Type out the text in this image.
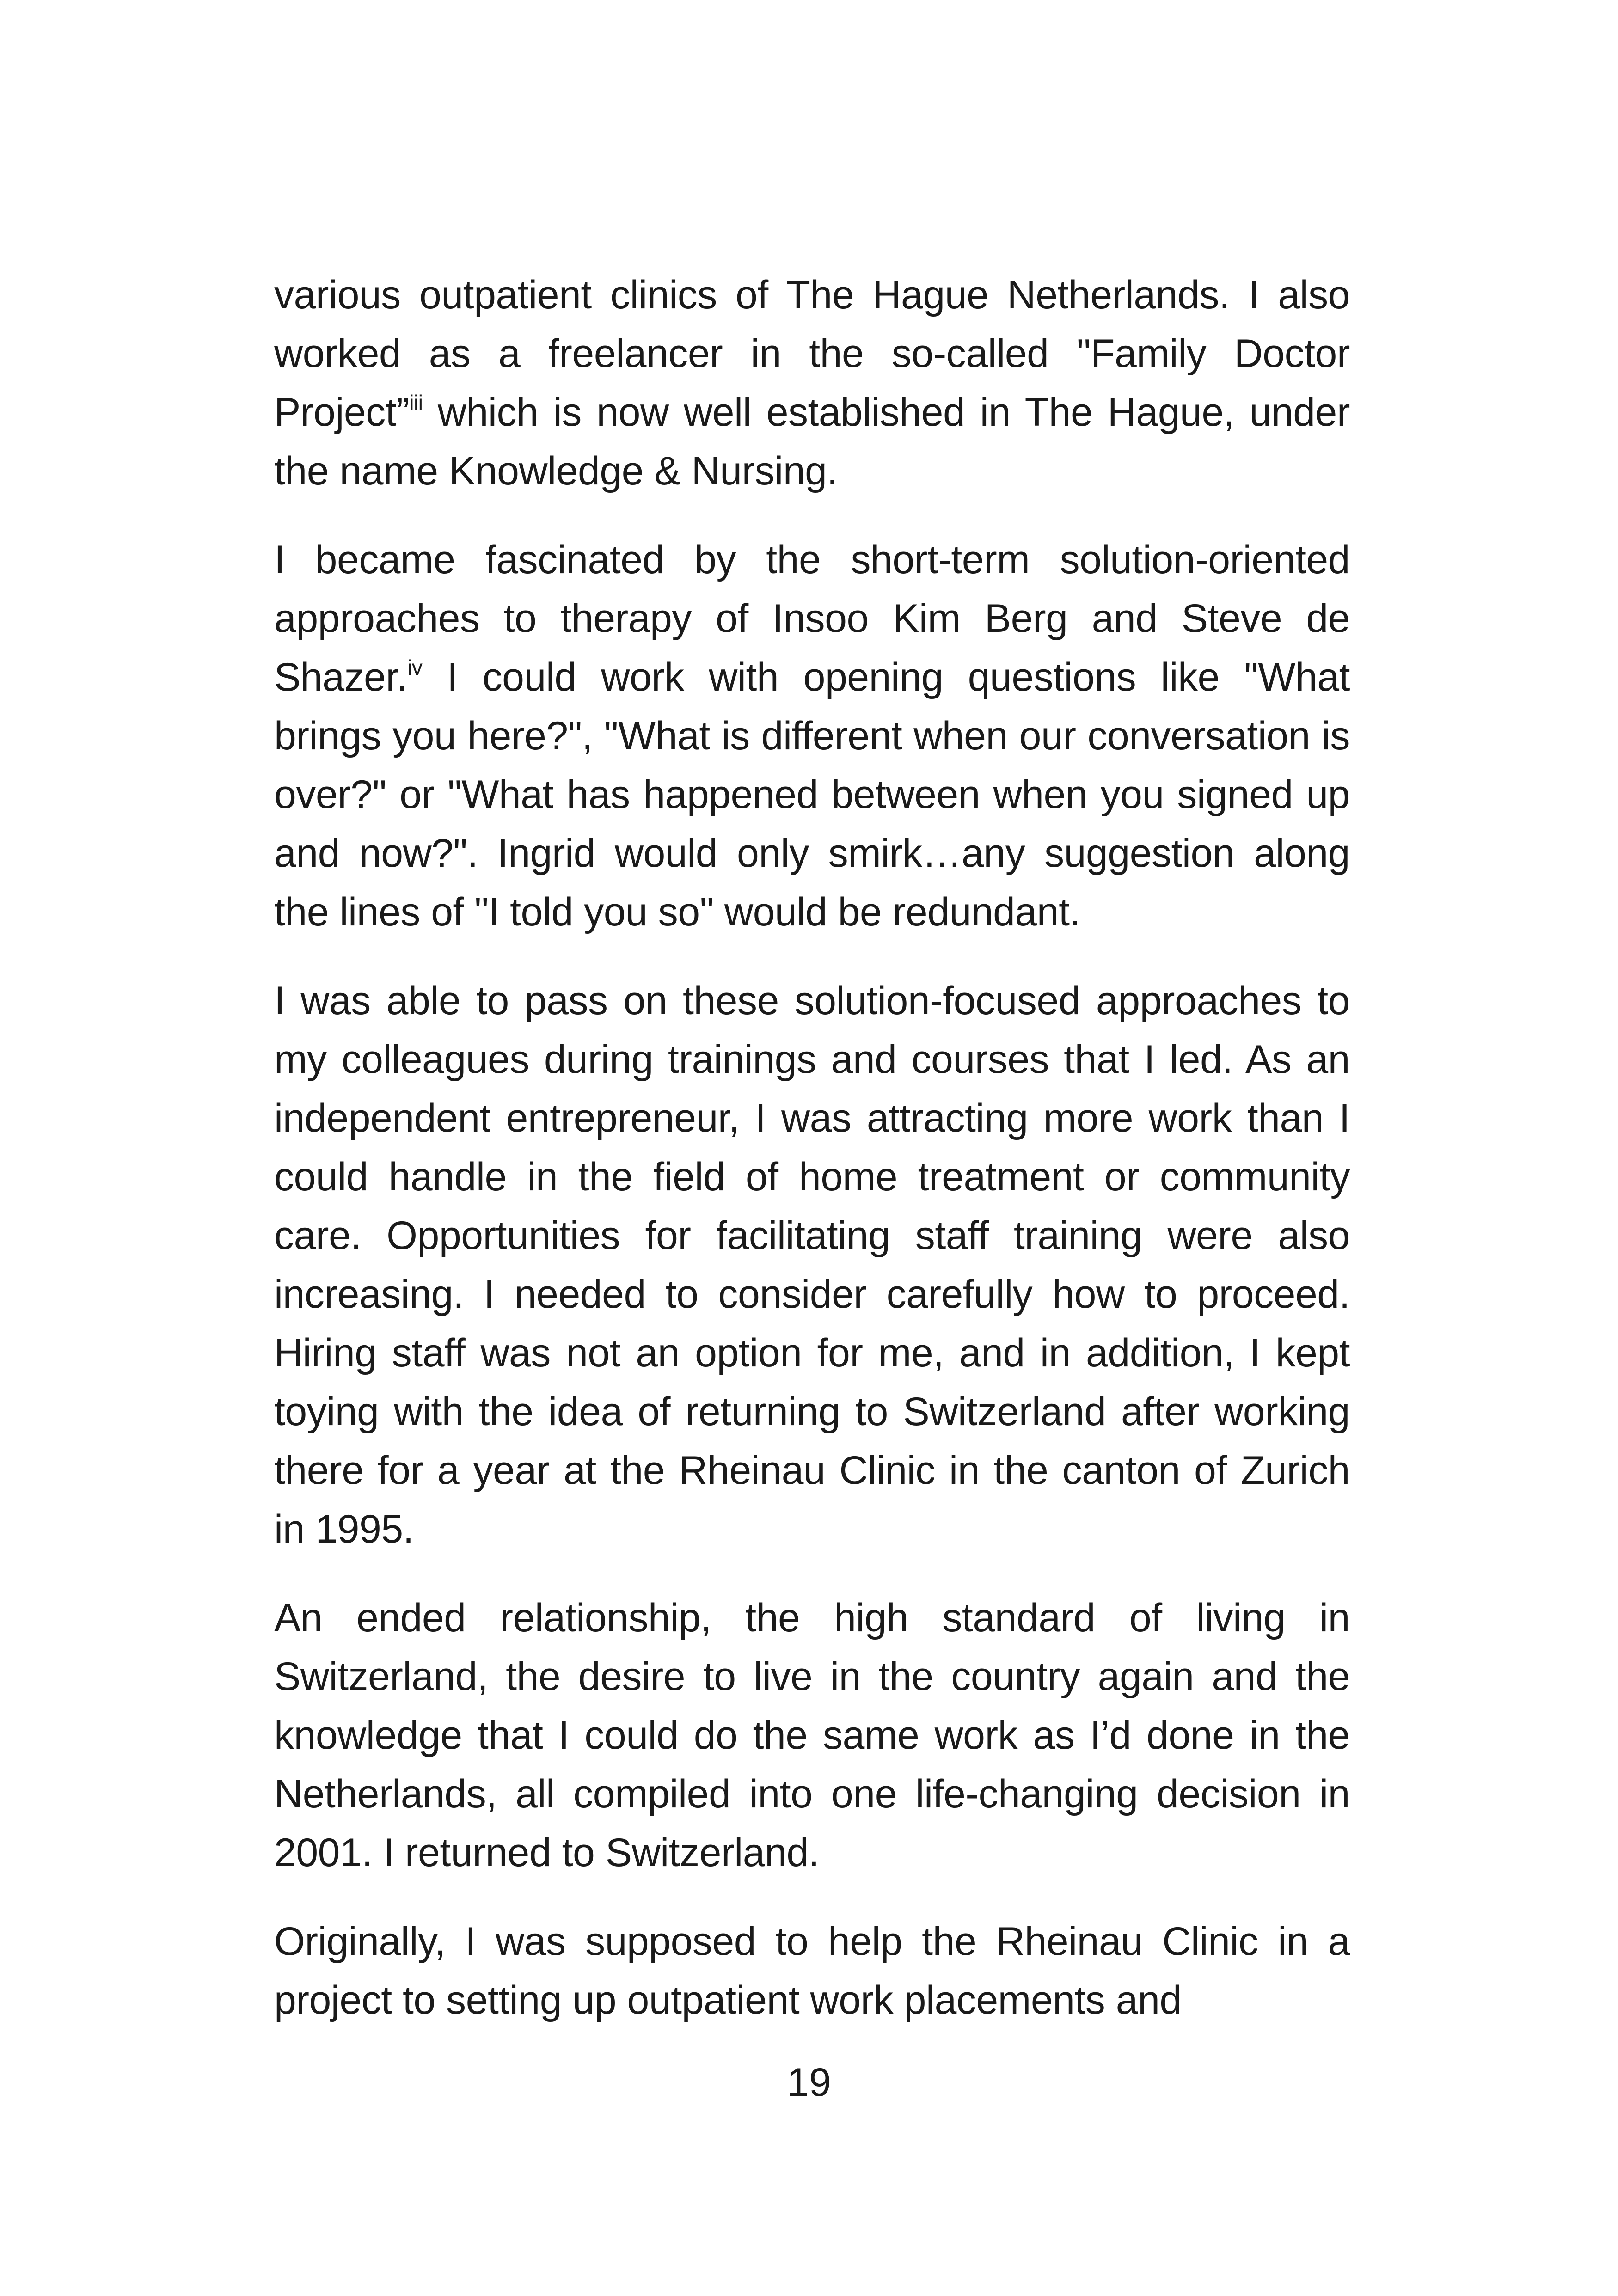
various outpatient clinics of The Hague Netherlands. I also worked as a freelancer in the so-called "Family Doctor Project”$^{iii}$ which is now well established in The Hague, under the name Knowledge & Nursing.

I became fascinated by the short-term solution-oriented approaches to therapy of Insoo Kim Berg and Steve de Shazer.$^{iv}$ I could work with opening questions like "What brings you here?", "What is different when our conversation is over?" or "What has happened between when you signed up and now?". Ingrid would only smirk…any suggestion along the lines of "I told you so" would be redundant.

I was able to pass on these solution-focused approaches to my colleagues during trainings and courses that I led. As an independent entrepreneur, I was attracting more work than I could handle in the field of home treatment or community care. Opportunities for facilitating staff training were also increasing. I needed to consider carefully how to proceed. Hiring staff was not an option for me, and in addition, I kept toying with the idea of returning to Switzerland after working there for a year at the Rheinau Clinic in the canton of Zurich in 1995.

An ended relationship, the high standard of living in Switzerland, the desire to live in the country again and the knowledge that I could do the same work as I’d done in the Netherlands, all compiled into one life-changing decision in 2001. I returned to Switzerland.

Originally, I was supposed to help the Rheinau Clinic in a project to setting up outpatient work placements and

19
